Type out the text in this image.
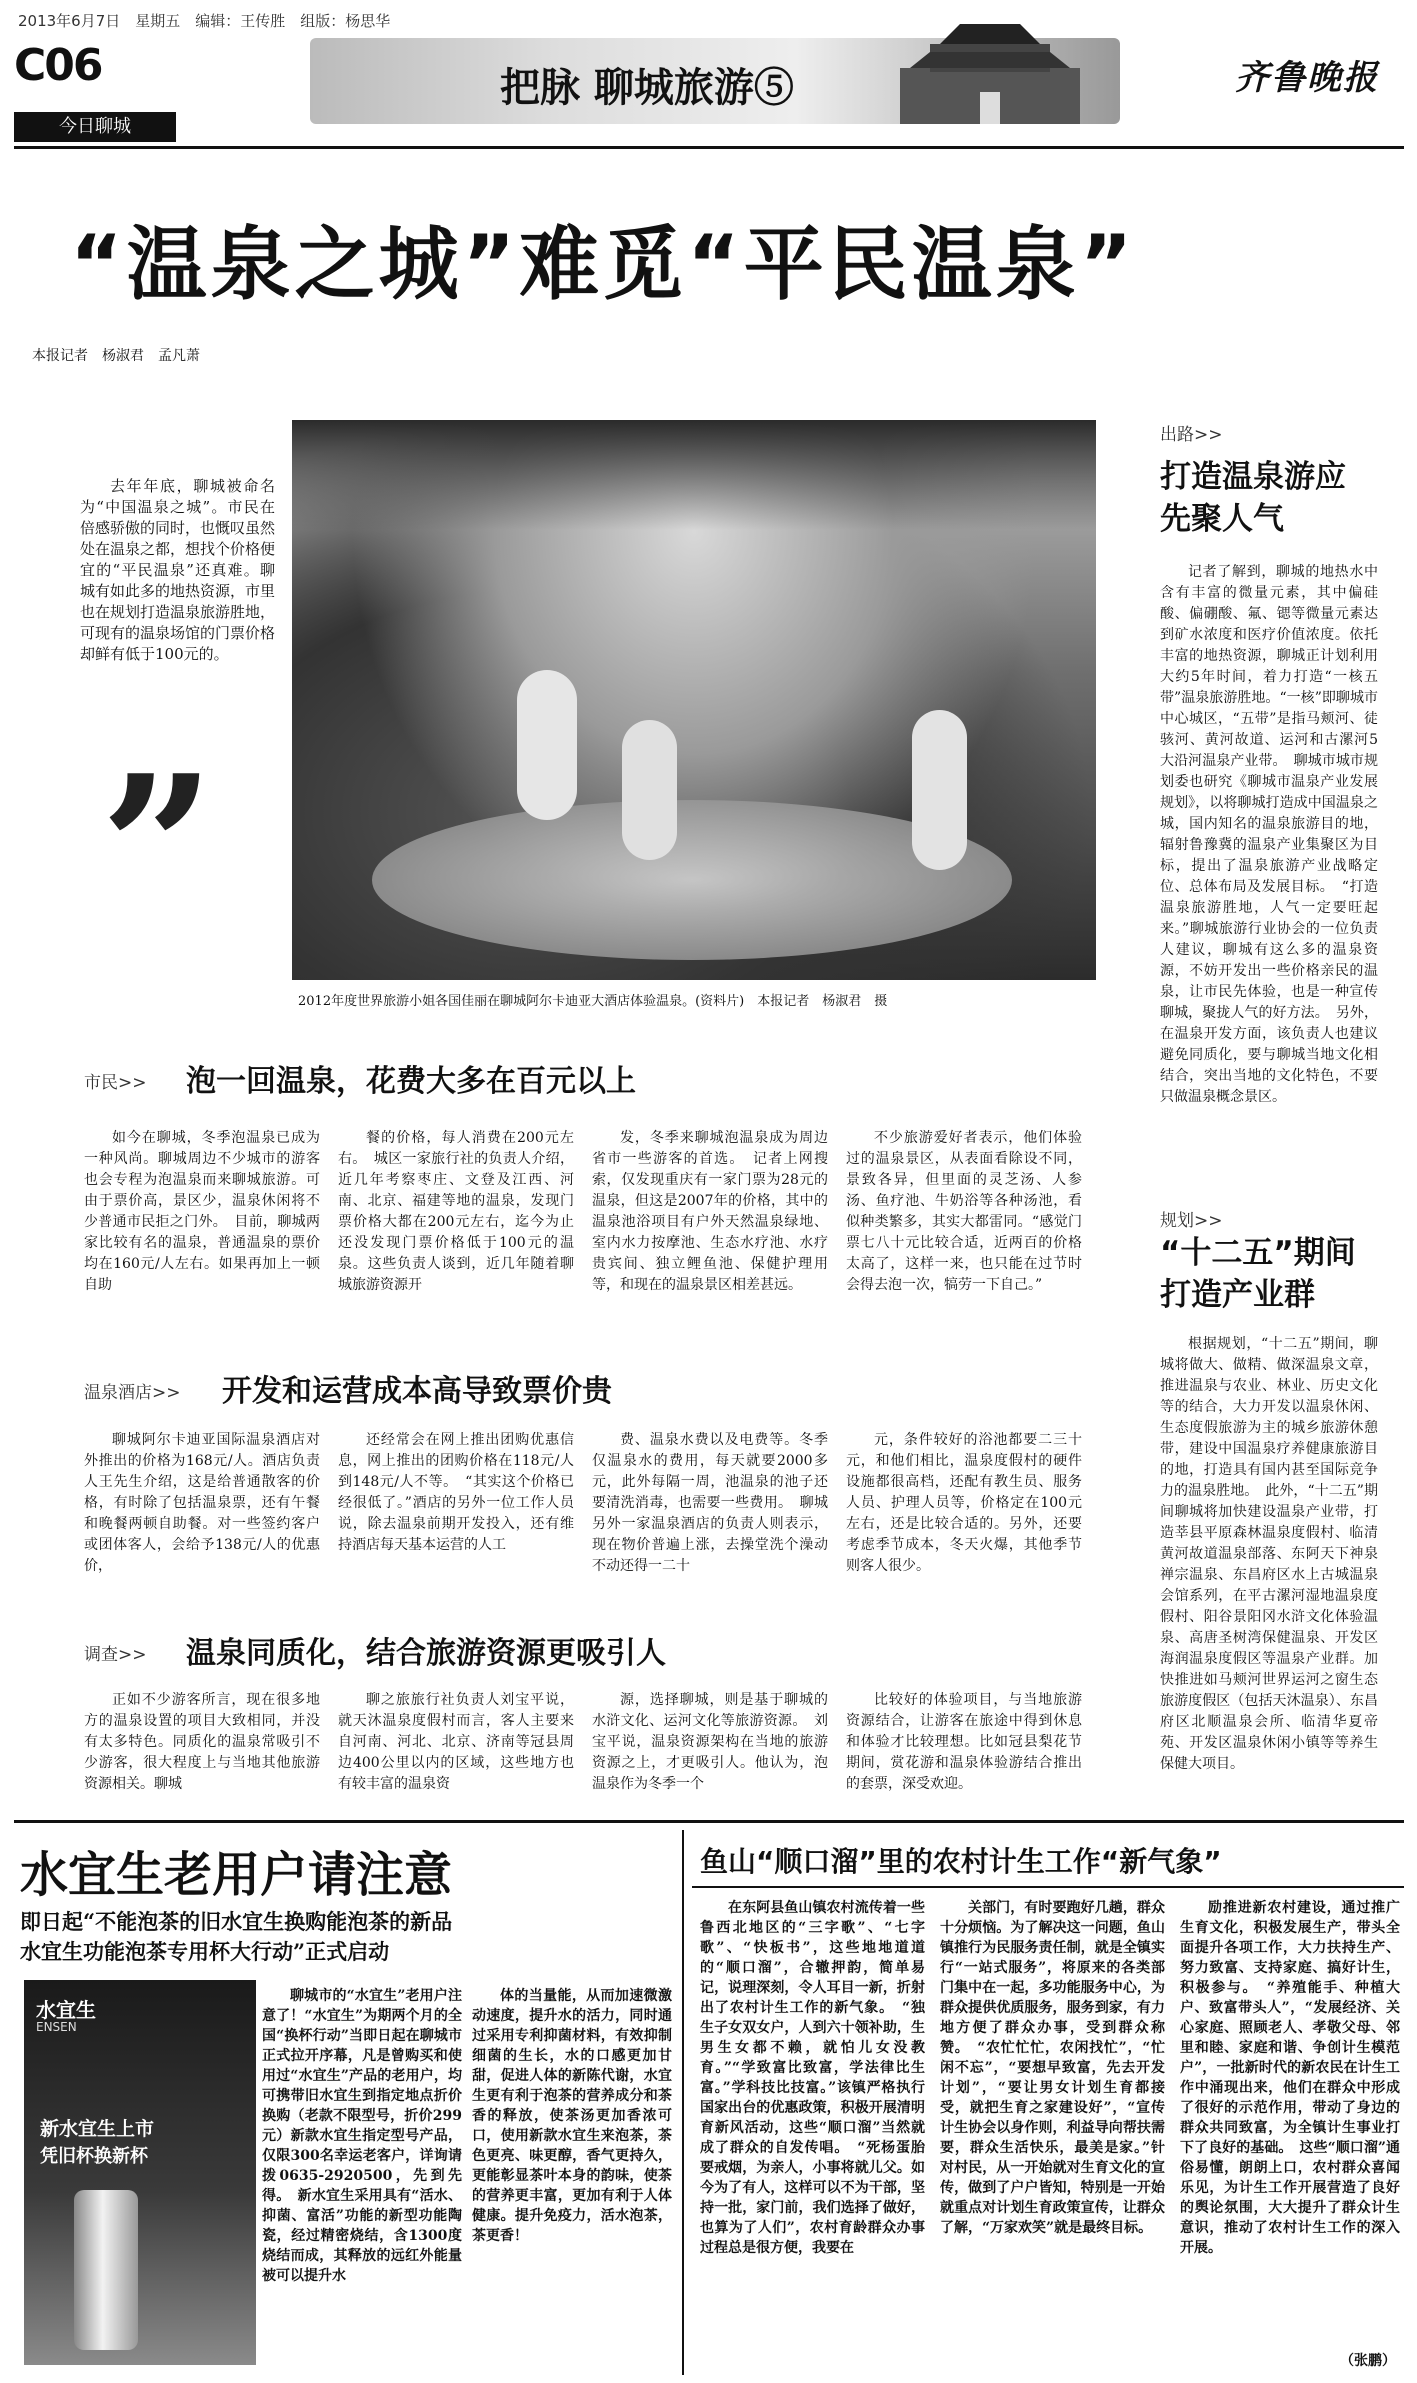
2013年6月7日　星期五　编辑：王传胜　组版：杨思华
C06
今日聊城
把脉 聊城旅游⑤	齐鲁晚报
“温泉之城”难觅“平民温泉”
本报记者　杨淑君　孟凡萧

去年年底，聊城被命名为“中国温泉之城”。市民在倍感骄傲的同时，也慨叹虽然处在温泉之都，想找个价格便宜的“平民温泉”还真难。聊城有如此多的地热资源，市里也在规划打造温泉旅游胜地，可现有的温泉场馆的门票价格却鲜有低于100元的。

”
2012年度世界旅游小姐各国佳丽在聊城阿尔卡迪亚大酒店体验温泉。(资料片)　本报记者　杨淑君　摄
市民>> 泡一回温泉，花费大多在百元以上

如今在聊城，冬季泡温泉已成为一种风尚。聊城周边不少城市的游客也会专程为泡温泉而来聊城旅游。可由于票价高，景区少，温泉休闲将不少普通市民拒之门外。　目前，聊城两家比较有名的温泉，普通温泉的票价均在160元/人左右。如果再加上一顿自助

餐的价格，每人消费在200元左右。　城区一家旅行社的负责人介绍，近几年考察枣庄、文登及江西、河南、北京、福建等地的温泉，发现门票价格大都在200元左右，迄今为止还没发现门票价格低于100元的温泉。这些负责人谈到，近几年随着聊城旅游资源开

发，冬季来聊城泡温泉成为周边省市一些游客的首选。　记者上网搜索，仅发现重庆有一家门票为28元的温泉，但这是2007年的价格，其中的温泉池浴项目有户外天然温泉绿地、室内水力按摩池、生态水疗池、水疗贵宾间、独立鲤鱼池、保健护理用等，和现在的温泉景区相差甚远。

不少旅游爱好者表示，他们体验过的温泉景区，从表面看除设不同，景致各异，但里面的灵芝汤、人参汤、鱼疗池、牛奶浴等各种汤池，看似种类繁多，其实大都雷同。“感觉门票七八十元比较合适，近两百的价格太高了，这样一来，也只能在过节时会得去泡一次，犒劳一下自己。”

温泉酒店>> 开发和运营成本高导致票价贵

聊城阿尔卡迪亚国际温泉酒店对外推出的价格为168元/人。酒店负责人王先生介绍，这是给普通散客的价格，有时除了包括温泉票，还有午餐和晚餐两顿自助餐。对一些签约客户或团体客人，会给予138元/人的优惠价，

还经常会在网上推出团购优惠信息，网上推出的团购价格在118元/人到148元/人不等。　“其实这个价格已经很低了。”酒店的另外一位工作人员说，除去温泉前期开发投入，还有维持酒店每天基本运营的人工

费、温泉水费以及电费等。冬季仅温泉水的费用，每天就要2000多元，此外每隔一周，池温泉的池子还要清洗消毒，也需要一些费用。　聊城另外一家温泉酒店的负责人则表示，现在物价普遍上涨，去操堂洗个澡动不动还得一二十

元，条件较好的浴池都要二三十元，和他们相比，温泉度假村的硬件设施都很高档，还配有教生员、服务人员、护理人员等，价格定在100元左右，还是比较合适的。另外，还要考虑季节成本，冬天火爆，其他季节则客人很少。

调查>> 温泉同质化，结合旅游资源更吸引人

正如不少游客所言，现在很多地方的温泉设置的项目大致相同，并没有太多特色。同质化的温泉常吸引不少游客，很大程度上与当地其他旅游资源相关。聊城

聊之旅旅行社负责人刘宝平说，就天沐温泉度假村而言，客人主要来自河南、河北、北京、济南等冠县周边400公里以内的区域，这些地方也有较丰富的温泉资

源，选择聊城，则是基于聊城的水浒文化、运河文化等旅游资源。　刘宝平说，温泉资源架构在当地的旅游资源之上，才更吸引人。他认为，泡温泉作为冬季一个

比较好的体验项目，与当地旅游资源结合，让游客在旅途中得到休息和体验才比较理想。比如冠县梨花节期间，赏花游和温泉体验游结合推出的套票，深受欢迎。

出路>>
打造温泉游应先聚人气

记者了解到，聊城的地热水中含有丰富的微量元素，其中偏硅酸、偏硼酸、氟、锶等微量元素达到矿水浓度和医疗价值浓度。依托丰富的地热资源，聊城正计划利用大约5年时间，着力打造“一核五带”温泉旅游胜地。“一核”即聊城市中心城区，“五带”是指马颊河、徒骇河、黄河故道、运河和古漯河5大沿河温泉产业带。　聊城市城市规划委也研究《聊城市温泉产业发展规划》，以将聊城打造成中国温泉之城，国内知名的温泉旅游目的地，辐射鲁豫冀的温泉产业集聚区为目标，提出了温泉旅游产业战略定位、总体布局及发展目标。　“打造温泉旅游胜地，人气一定要旺起来。”聊城旅游行业协会的一位负责人建议，聊城有这么多的温泉资源，不妨开发出一些价格亲民的温泉，让市民先体验，也是一种宣传聊城，聚拢人气的好方法。　另外，在温泉开发方面，该负责人也建议避免同质化，要与聊城当地文化相结合，突出当地的文化特色，不要只做温泉概念景区。

规划>>
“十二五”期间打造产业群

根据规划，“十二五”期间，聊城将做大、做精、做深温泉文章，推进温泉与农业、林业、历史文化等的结合，大力开发以温泉休闲、生态度假旅游为主的城乡旅游休憩带，建设中国温泉疗养健康旅游目的地，打造具有国内甚至国际竞争力的温泉胜地。　此外，“十二五”期间聊城将加快建设温泉产业带，打造莘县平原森林温泉度假村、临清黄河故道温泉部落、东阿天下神泉禅宗温泉、东昌府区水上古城温泉会馆系列，在平古漯河湿地温泉度假村、阳谷景阳冈水浒文化体验温泉、高唐圣树湾保健温泉、开发区海润温泉度假区等温泉产业群。加快推进如马颊河世界运河之窗生态旅游度假区（包括天沐温泉）、东昌府区北顺温泉会所、临清华夏帝苑、开发区温泉休闲小镇等等养生保健大项目。

水宜生老用户请注意
即日起“不能泡茶的旧水宜生换购能泡茶的新品
水宜生功能泡茶专用杯大行动”正式启动
水宜生
ENSEN
新水宜生上市
凭旧杯换新杯

聊城市的“水宜生”老用户注意了！“水宜生”为期两个月的全国“换杯行动”当即日起在聊城市正式拉开序幕，凡是曾购买和使用过“水宜生”产品的老用户，均可携带旧水宜生到指定地点折价换购（老款不限型号，折价299元）新款水宜生指定型号产品，仅限300名幸运老客户，详询请拨0635-2920500，先到先得。　新水宜生采用具有“活水、抑菌、富活”功能的新型功能陶瓷，经过精密烧结，含1300度烧结而成，其释放的远红外能量被可以提升水

体的当量能，从而加速微激动速度，提升水的活力，同时通过采用专利抑菌材料，有效抑制细菌的生长，水的口感更加甘甜，促进人体的新陈代谢，水宜生更有利于泡茶的营养成分和茶香的释放，使茶汤更加香浓可口，使用新款水宜生来泡茶，茶色更亮、味更醇，香气更持久，更能彰显茶叶本身的韵味，使茶的营养更丰富，更加有利于人体健康。提升免疫力，活水泡茶，茶更香！

鱼山“顺口溜”里的农村计生工作“新气象”

在东阿县鱼山镇农村流传着一些鲁西北地区的“三字歌”、“七字歌”、“快板书”，这些地地道道的“顺口溜”，合辙押韵，简单易记，说理深刻，令人耳目一新，折射出了农村计生工作的新气象。　“独生子女双女户，人到六十领补助，生男生女都不赖，就怕儿女没教育。”“学致富比致富，学法律比生富。”学科技比技富。”该镇严格执行国家出台的优惠政策，积极开展清明育新风活动，这些“顺口溜”当然就成了群众的自发传唱。　“死杨蛋胎要戒烟，为亲人，小事将就儿父。如今为了有人，这样可以不为干部，坚持一批，家门前，我们选择了做好，也算为了人们”，农村育龄群众办事过程总是很方便，我要在

关部门，有时要跑好几趟，群众十分烦恼。为了解决这一问题，鱼山镇推行为民服务责任制，就是全镇实行“一站式服务”，将原来的各类部门集中在一起，多功能服务中心，为群众提供优质服务，服务到家，有力地方便了群众办事，受到群众称赞。　“农忙忙忙，农闲找忙”，“忙闲不忘”，“要想早致富，先去开发计划”，“要让男女计划生育都接受，就把生育之家建设好”，“宣传计生协会以身作则，利益导向帮扶需要，群众生活快乐，最美是家。”针对村民，从一开始就对生育文化的宣传，做到了户户皆知，特别是一开始就重点对计划生育政策宣传，让群众了解，“万家欢笑”就是最终目标。

励推进新农村建设，通过推广生育文化，积极发展生产，带头全面提升各项工作，大力扶持生产、努力致富、支持家庭、搞好计生，积极参与。　“养殖能手、种植大户、致富带头人”，“发展经济、关心家庭、照顾老人、孝敬父母、邻里和睦、家庭和谐、争创计生模范户”，一批新时代的新农民在计生工作中涌现出来，他们在群众中形成了很好的示范作用，带动了身边的群众共同致富，为全镇计生事业打下了良好的基础。　这些“顺口溜”通俗易懂，朗朗上口，农村群众喜闻乐见，为计生工作开展营造了良好的舆论氛围，大大提升了群众计生意识，推动了农村计生工作的深入开展。

（张鹏）
